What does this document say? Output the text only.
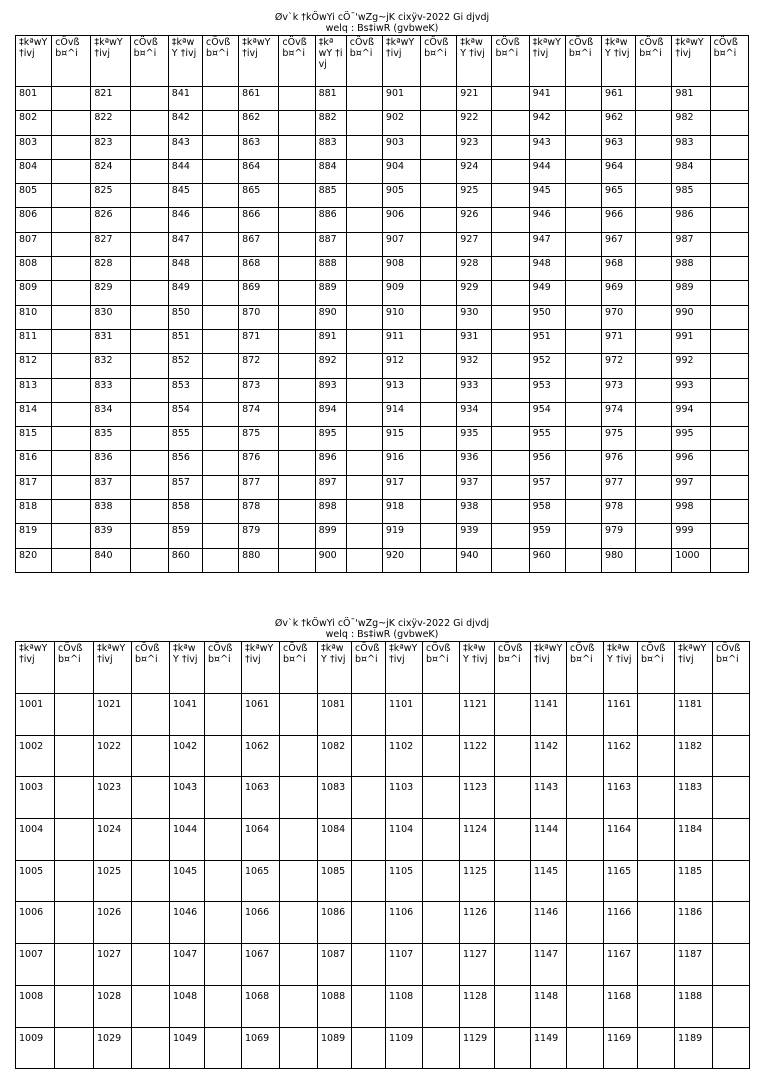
Øv`k †kÖwYi cÖ¯'wZg~jK cixÿv-2022 Gi djvdj
welq : Bs‡iwR (gvbweK)
‡kªwY †ivj	cÖvß b¤^i	‡kªwY †ivj	cÖvß b¤^i	‡kªwY †ivj	cÖvß b¤^i	‡kªwY †ivj	cÖvß b¤^i	‡kª wY †ivj	cÖvß b¤^i	‡kªwY †ivj	cÖvß b¤^i	‡kªwY †ivj	cÖvß b¤^i	‡kªwY †ivj	cÖvß b¤^i	‡kªwY †ivj	cÖvß b¤^i	‡kªwY †ivj	cÖvß b¤^i
801		821		841		861		881		901		921		941		961		981	
802		822		842		862		882		902		922		942		962		982	
803		823		843		863		883		903		923		943		963		983	
804		824		844		864		884		904		924		944		964		984	
805		825		845		865		885		905		925		945		965		985	
806		826		846		866		886		906		926		946		966		986	
807		827		847		867		887		907		927		947		967		987	
808		828		848		868		888		908		928		948		968		988	
809		829		849		869		889		909		929		949		969		989	
810		830		850		870		890		910		930		950		970		990	
811		831		851		871		891		911		931		951		971		991	
812		832		852		872		892		912		932		952		972		992	
813		833		853		873		893		913		933		953		973		993	
814		834		854		874		894		914		934		954		974		994	
815		835		855		875		895		915		935		955		975		995	
816		836		856		876		896		916		936		956		976		996	
817		837		857		877		897		917		937		957		977		997	
818		838		858		878		898		918		938		958		978		998	
819		839		859		879		899		919		939		959		979		999	
820		840		860		880		900		920		940		960		980		1000	
Øv`k †kÖwYi cÖ¯'wZg~jK cixÿv-2022 Gi djvdj
welq : Bs‡iwR (gvbweK)
‡kªwY †ivj	cÖvß b¤^i	‡kªwY †ivj	cÖvß b¤^i	‡kªwY †ivj	cÖvß b¤^i	‡kªwY †ivj	cÖvß b¤^i	‡kªwY †ivj	cÖvß b¤^i	‡kªwY †ivj	cÖvß b¤^i	‡kªwY †ivj	cÖvß b¤^i	‡kªwY †ivj	cÖvß b¤^i	‡kªwY †ivj	cÖvß b¤^i	‡kªwY †ivj	cÖvß b¤^i
1001		1021		1041		1061		1081		1101		1121		1141		1161		1181	
1002		1022		1042		1062		1082		1102		1122		1142		1162		1182	
1003		1023		1043		1063		1083		1103		1123		1143		1163		1183	
1004		1024		1044		1064		1084		1104		1124		1144		1164		1184	
1005		1025		1045		1065		1085		1105		1125		1145		1165		1185	
1006		1026		1046		1066		1086		1106		1126		1146		1166		1186	
1007		1027		1047		1067		1087		1107		1127		1147		1167		1187	
1008		1028		1048		1068		1088		1108		1128		1148		1168		1188	
1009		1029		1049		1069		1089		1109		1129		1149		1169		1189	
